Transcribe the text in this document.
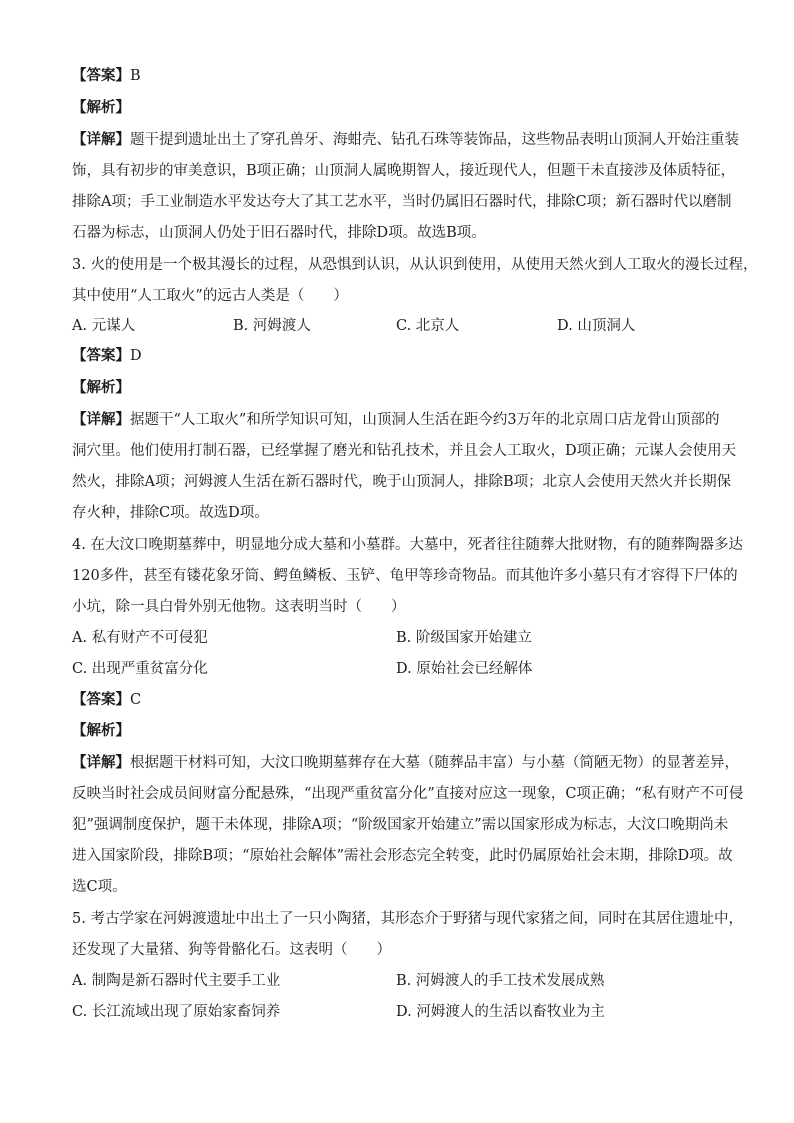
【答案】B
【解析】
【详解】题干提到遗址出土了穿孔兽牙、海蚶壳、钻孔石珠等装饰品，这些物品表明山顶洞人开始注重装
饰，具有初步的审美意识，B项正确；山顶洞人属晚期智人，接近现代人，但题干未直接涉及体质特征，
排除A项；手工业制造水平发达夸大了其工艺水平，当时仍属旧石器时代，排除C项；新石器时代以磨制
石器为标志，山顶洞人仍处于旧石器时代，排除D项。故选B项。
3. 火的使用是一个极其漫长的过程，从恐惧到认识，从认识到使用，从使用天然火到人工取火的漫长过程，
其中使用“人工取火”的远古人类是（　　）
A. 元谋人	B. 河姆渡人	C. 北京人	D. 山顶洞人
【答案】D
【解析】
【详解】据题干“人工取火”和所学知识可知，山顶洞人生活在距今约3万年的北京周口店龙骨山顶部的
洞穴里。他们使用打制石器，已经掌握了磨光和钻孔技术，并且会人工取火，D项正确；元谋人会使用天
然火，排除A项；河姆渡人生活在新石器时代，晚于山顶洞人，排除B项；北京人会使用天然火并长期保
存火种，排除C项。故选D项。
4. 在大汶口晚期墓葬中，明显地分成大墓和小墓群。大墓中，死者往往随葬大批财物，有的随葬陶器多达
120多件，甚至有镂花象牙筒、鳄鱼鳞板、玉铲、龟甲等珍奇物品。而其他许多小墓只有才容得下尸体的
小坑，除一具白骨外别无他物。这表明当时（　　）
A. 私有财产不可侵犯	B. 阶级国家开始建立
C. 出现严重贫富分化	D. 原始社会已经解体
【答案】C
【解析】
【详解】根据题干材料可知，大汶口晚期墓葬存在大墓（随葬品丰富）与小墓（简陋无物）的显著差异，
反映当时社会成员间财富分配悬殊，“出现严重贫富分化”直接对应这一现象，C项正确；“私有财产不可侵
犯”强调制度保护，题干未体现，排除A项；“阶级国家开始建立”需以国家形成为标志，大汶口晚期尚未
进入国家阶段，排除B项；“原始社会解体”需社会形态完全转变，此时仍属原始社会末期，排除D项。故
选C项。
5. 考古学家在河姆渡遗址中出土了一只小陶猪，其形态介于野猪与现代家猪之间，同时在其居住遗址中，
还发现了大量猪、狗等骨骼化石。这表明（　　）
A. 制陶是新石器时代主要手工业	B. 河姆渡人的手工技术发展成熟
C. 长江流域出现了原始家畜饲养	D. 河姆渡人的生活以畜牧业为主
